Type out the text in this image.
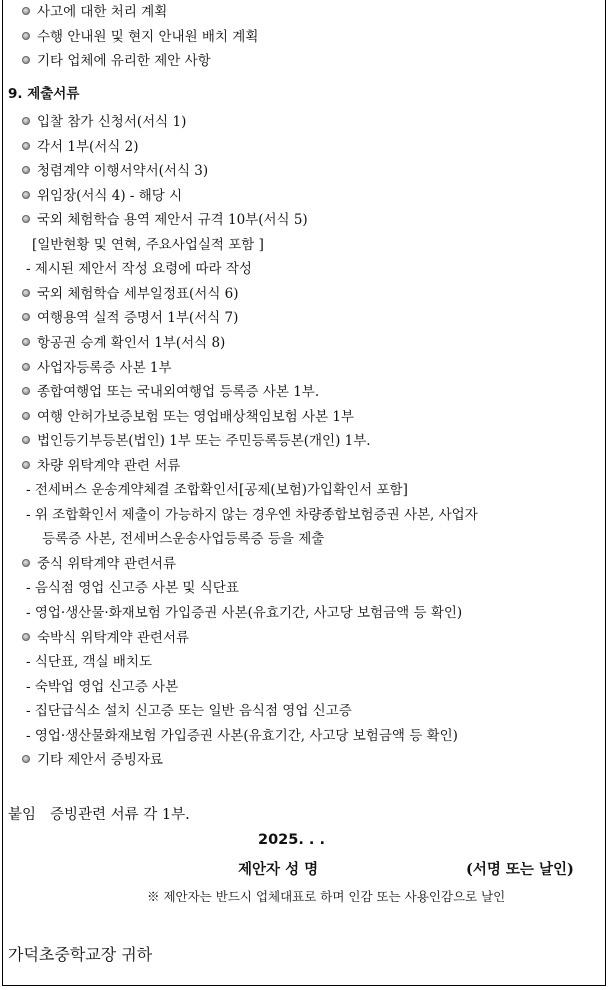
사고에 대한 처리 계획
수행 안내원 및 현지 안내원 배치 계획
기타 업체에 유리한 제안 사항
9. 제출서류
입찰 참가 신청서(서식 1)
각서 1부(서식 2)
청렴계약 이행서약서(서식 3)
위임장(서식 4) - 해당 시
국외 체험학습 용역 제안서 규격 10부(서식 5)
[일반현황 및 연혁, 주요사업실적 포함 ]
- 제시된 제안서 작성 요령에 따라 작성
국외 체험학습 세부일정표(서식 6)
여행용역 실적 증명서 1부(서식 7)
항공권 승계 확인서 1부(서식 8)
사업자등록증 사본 1부
종합여행업 또는 국내외여행업 등록증 사본 1부.
여행 안허가보증보험 또는 영업배상책임보험 사본 1부
법인등기부등본(법인) 1부 또는 주민등록등본(개인) 1부.
차량 위탁계약 관련 서류
- 전세버스 운송계약체결 조합확인서[공제(보험)가입확인서 포함]
- 위 조합확인서 제출이 가능하지 않는 경우엔 차량종합보험증권 사본, 사업자
등록증 사본, 전세버스운송사업등록증 등을 제출
중식 위탁계약 관련서류
- 음식점 영업 신고증 사본 및 식단표
- 영업·생산물·화재보험 가입증권 사본(유효기간, 사고당 보험금액 등 확인)
숙박식 위탁계약 관련서류
- 식단표, 객실 배치도
- 숙박업 영업 신고증 사본
- 집단급식소 설치 신고증 또는 일반 음식점 영업 신고증
- 영업·생산물화재보험 가입증권 사본(유효기간, 사고당 보험금액 등 확인)
기타 제안서 증빙자료
붙임 증빙관련 서류 각 1부.
2025. . .
제안자 성 명	(서명 또는 날인)
※ 제안자는 반드시 업체대표로 하며 인감 또는 사용인감으로 날인
가덕초중학교장 귀하
